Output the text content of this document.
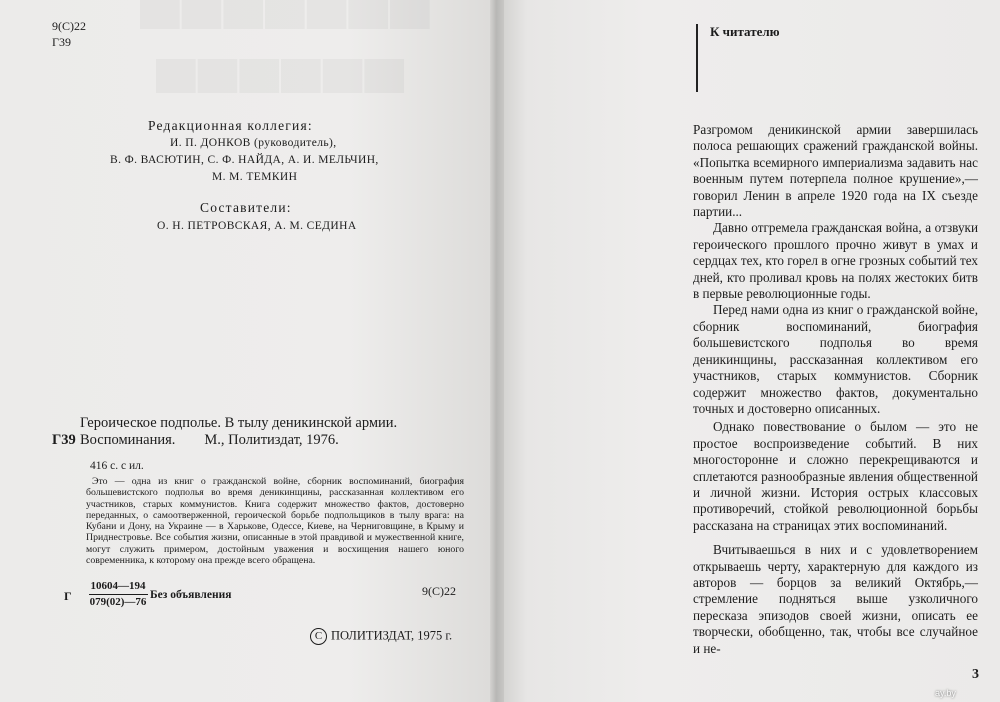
9(С)22
Г39
Редакционная коллегия:
И. П. ДОНКОВ (руководитель),
В. Ф. ВАСЮТИН, С. Ф. НАЙДА, А. И. МЕЛЬЧИН,
М. М. ТЕМКИН
Составители:
О. Н. ПЕТРОВСКАЯ, А. М. СЕДИНА
Героическое подполье. В тылу деникинской армии.
Г39 Воспоминания.        М., Политиздат, 1976.
416 с. с ил.
Это — одна из книг о гражданской войне, сборник воспоминаний, биография большевистского подполья во время деникинщины, рассказанная коллективом его участников, старых коммунистов. Книга содержит множество фактов, достоверно переданных, о самоотверженной, героической борьбе подпольщиков в тылу врага: на Кубани и Дону, на Украине — в Харькове, Одессе, Киеве, на Черниговщине, в Крыму и Приднестровье. Все события жизни, описанные в этой правдивой и мужественной книге, могут служить примером, достойным уважения и восхищения нашего юного современника, к которому она прежде всего обращена.
Г $\frac{10604—194}{079(02)—76}$
Без объявления	9(С)22
С ПОЛИТИЗДАТ, 1975 г.
К читателю

Разгромом деникинской армии завершилась полоса решающих сражений гражданской войны. «Попытка всемирного империализма задавить нас военным путем потерпела полное крушение»,— говорил Ленин в апреле 1920 года на IX съезде партии...

Давно отгремела гражданская война, а отзвуки героического прошлого прочно живут в умах и сердцах тех, кто горел в огне грозных событий тех дней, кто проливал кровь на полях жестоких битв в первые революционные годы.

Перед нами одна из книг о гражданской войне, сборник воспоминаний, биография большевистского подполья во время деникинщины, рассказанная коллективом его участников, старых коммунистов. Сборник содержит множество фактов, документально точных и достоверно описанных.

Однако повествование о былом — это не простое воспроизведение событий. В них многосторонне и сложно перекрещиваются и сплетаются разнообразные явления общественной и личной жизни. История острых классовых противоречий, стойкой революционной борьбы рассказана на страницах этих воспоминаний.

Вчитываешься в них и с удовлетворением открываешь черту, характерную для каждого из авторов — борцов за великий Октябрь,— стремление подняться выше узколичного пересказа эпизодов своей жизни, описать ее творчески, обобщенно, так, чтобы все случайное и не-

3
ay.by
